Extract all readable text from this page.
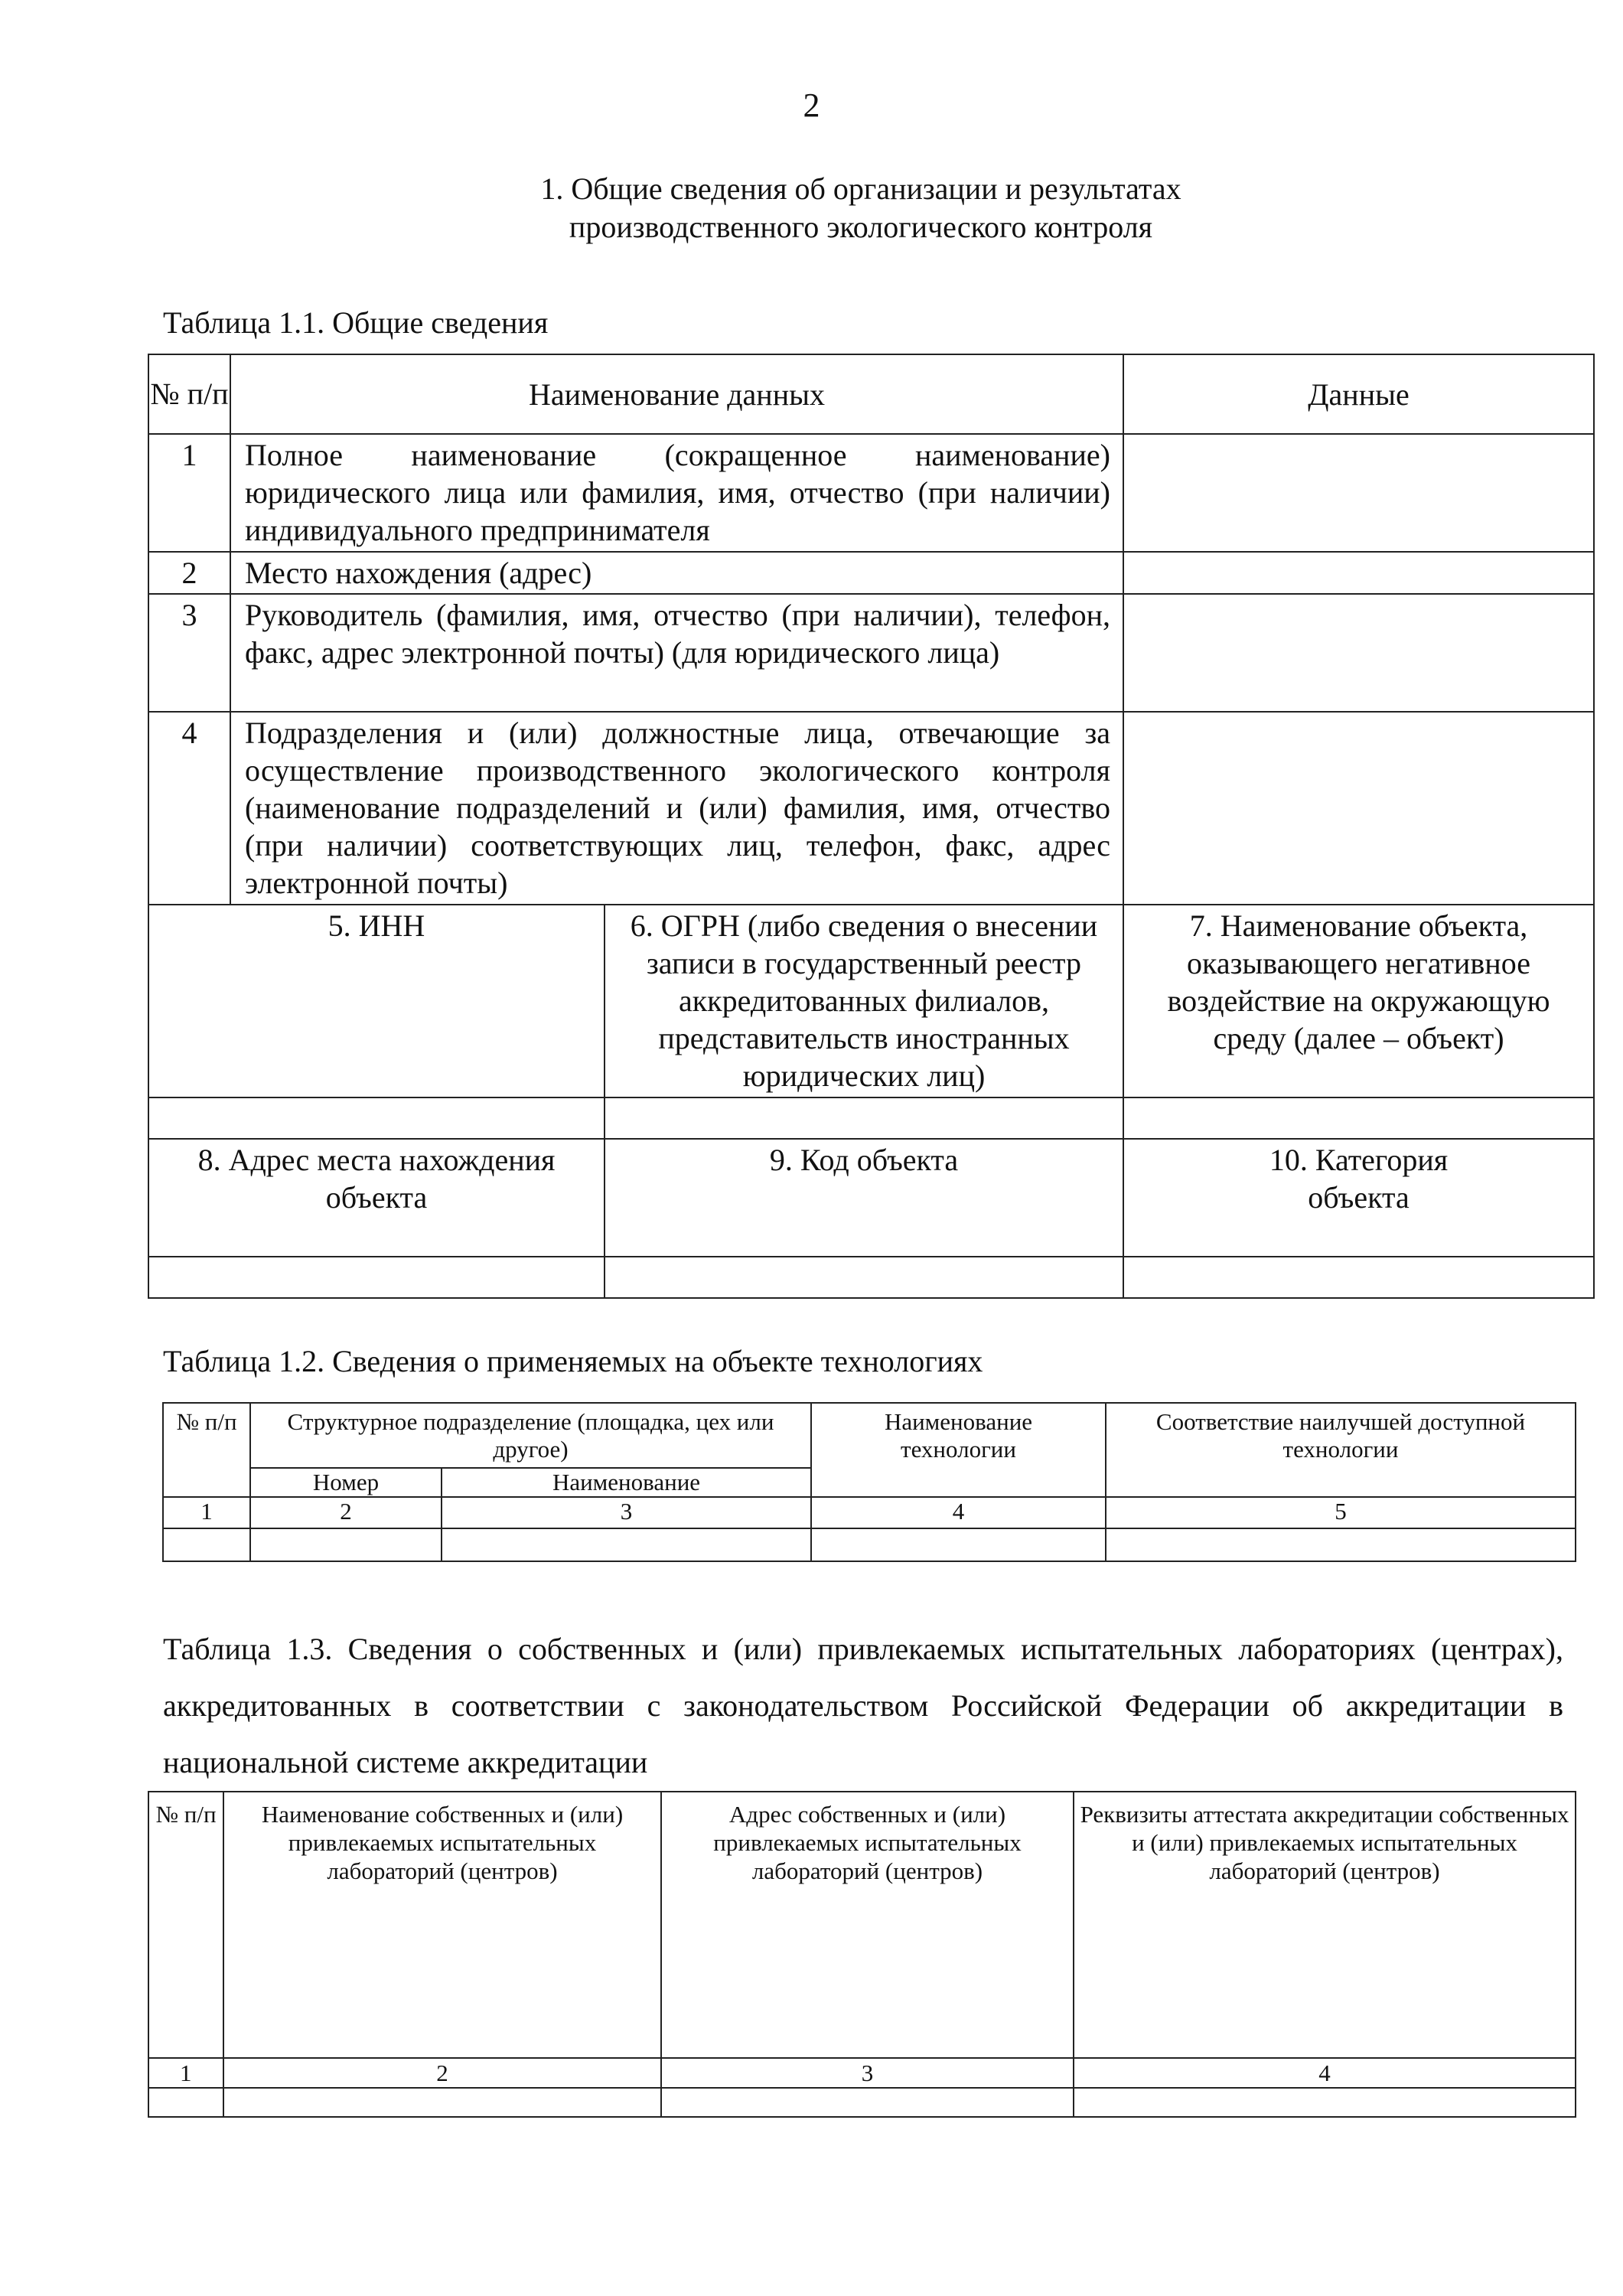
2
1. Общие сведения об организации и результатах
производственного экологического контроля
Таблица 1.1. Общие сведения
№ п/п	Наименование данных		Данные
1	Полное наименование (сокращенное наименование) юридического лица или фамилия, имя, отчество (при наличии) индивидуального предпринимателя		
2	Место нахождения (адрес)		
3	Руководитель (фамилия, имя, отчество (при наличии), телефон, факс, адрес электронной почты) (для юридического лица)		
4	Подразделения и (или) должностные лица, отвечающие за осуществление производственного экологического контроля (наименование подразделений и (или) фамилия, имя, отчество (при наличии) соответствующих лиц, телефон, факс, адрес электронной почты)		
5. ИНН		6. ОГРН (либо сведения о внесении записи в государственный реестр аккредитованных филиалов, представительств иностранных юридических лиц)	7. Наименование объекта, оказывающего негативное воздействие на окружающую среду (далее – объект)

8. Адрес места нахождения объекта		9. Код объекта	10. Категория объекта

Таблица 1.2. Сведения о применяемых на объекте технологиях
№ п/п	Структурное подразделение (площадка, цех или другое)		Наименование технологии	Соответствие наилучшей доступной технологии
	Номер	Наименование		
1	2	3	4	5

Таблица 1.3. Сведения о собственных и (или) привлекаемых испытательных лабораториях (центрах), аккредитованных в соответствии с законодательством Российской Федерации об аккредитации в национальной системе аккредитации
№ п/п	Наименование собственных и (или) привлекаемых испытательных лабораторий (центров)	Адрес собственных и (или) привлекаемых испытательных лабораторий (центров)	Реквизиты аттестата аккредитации собственных и (или) привлекаемых испытательных лабораторий (центров)
1	2	3	4
